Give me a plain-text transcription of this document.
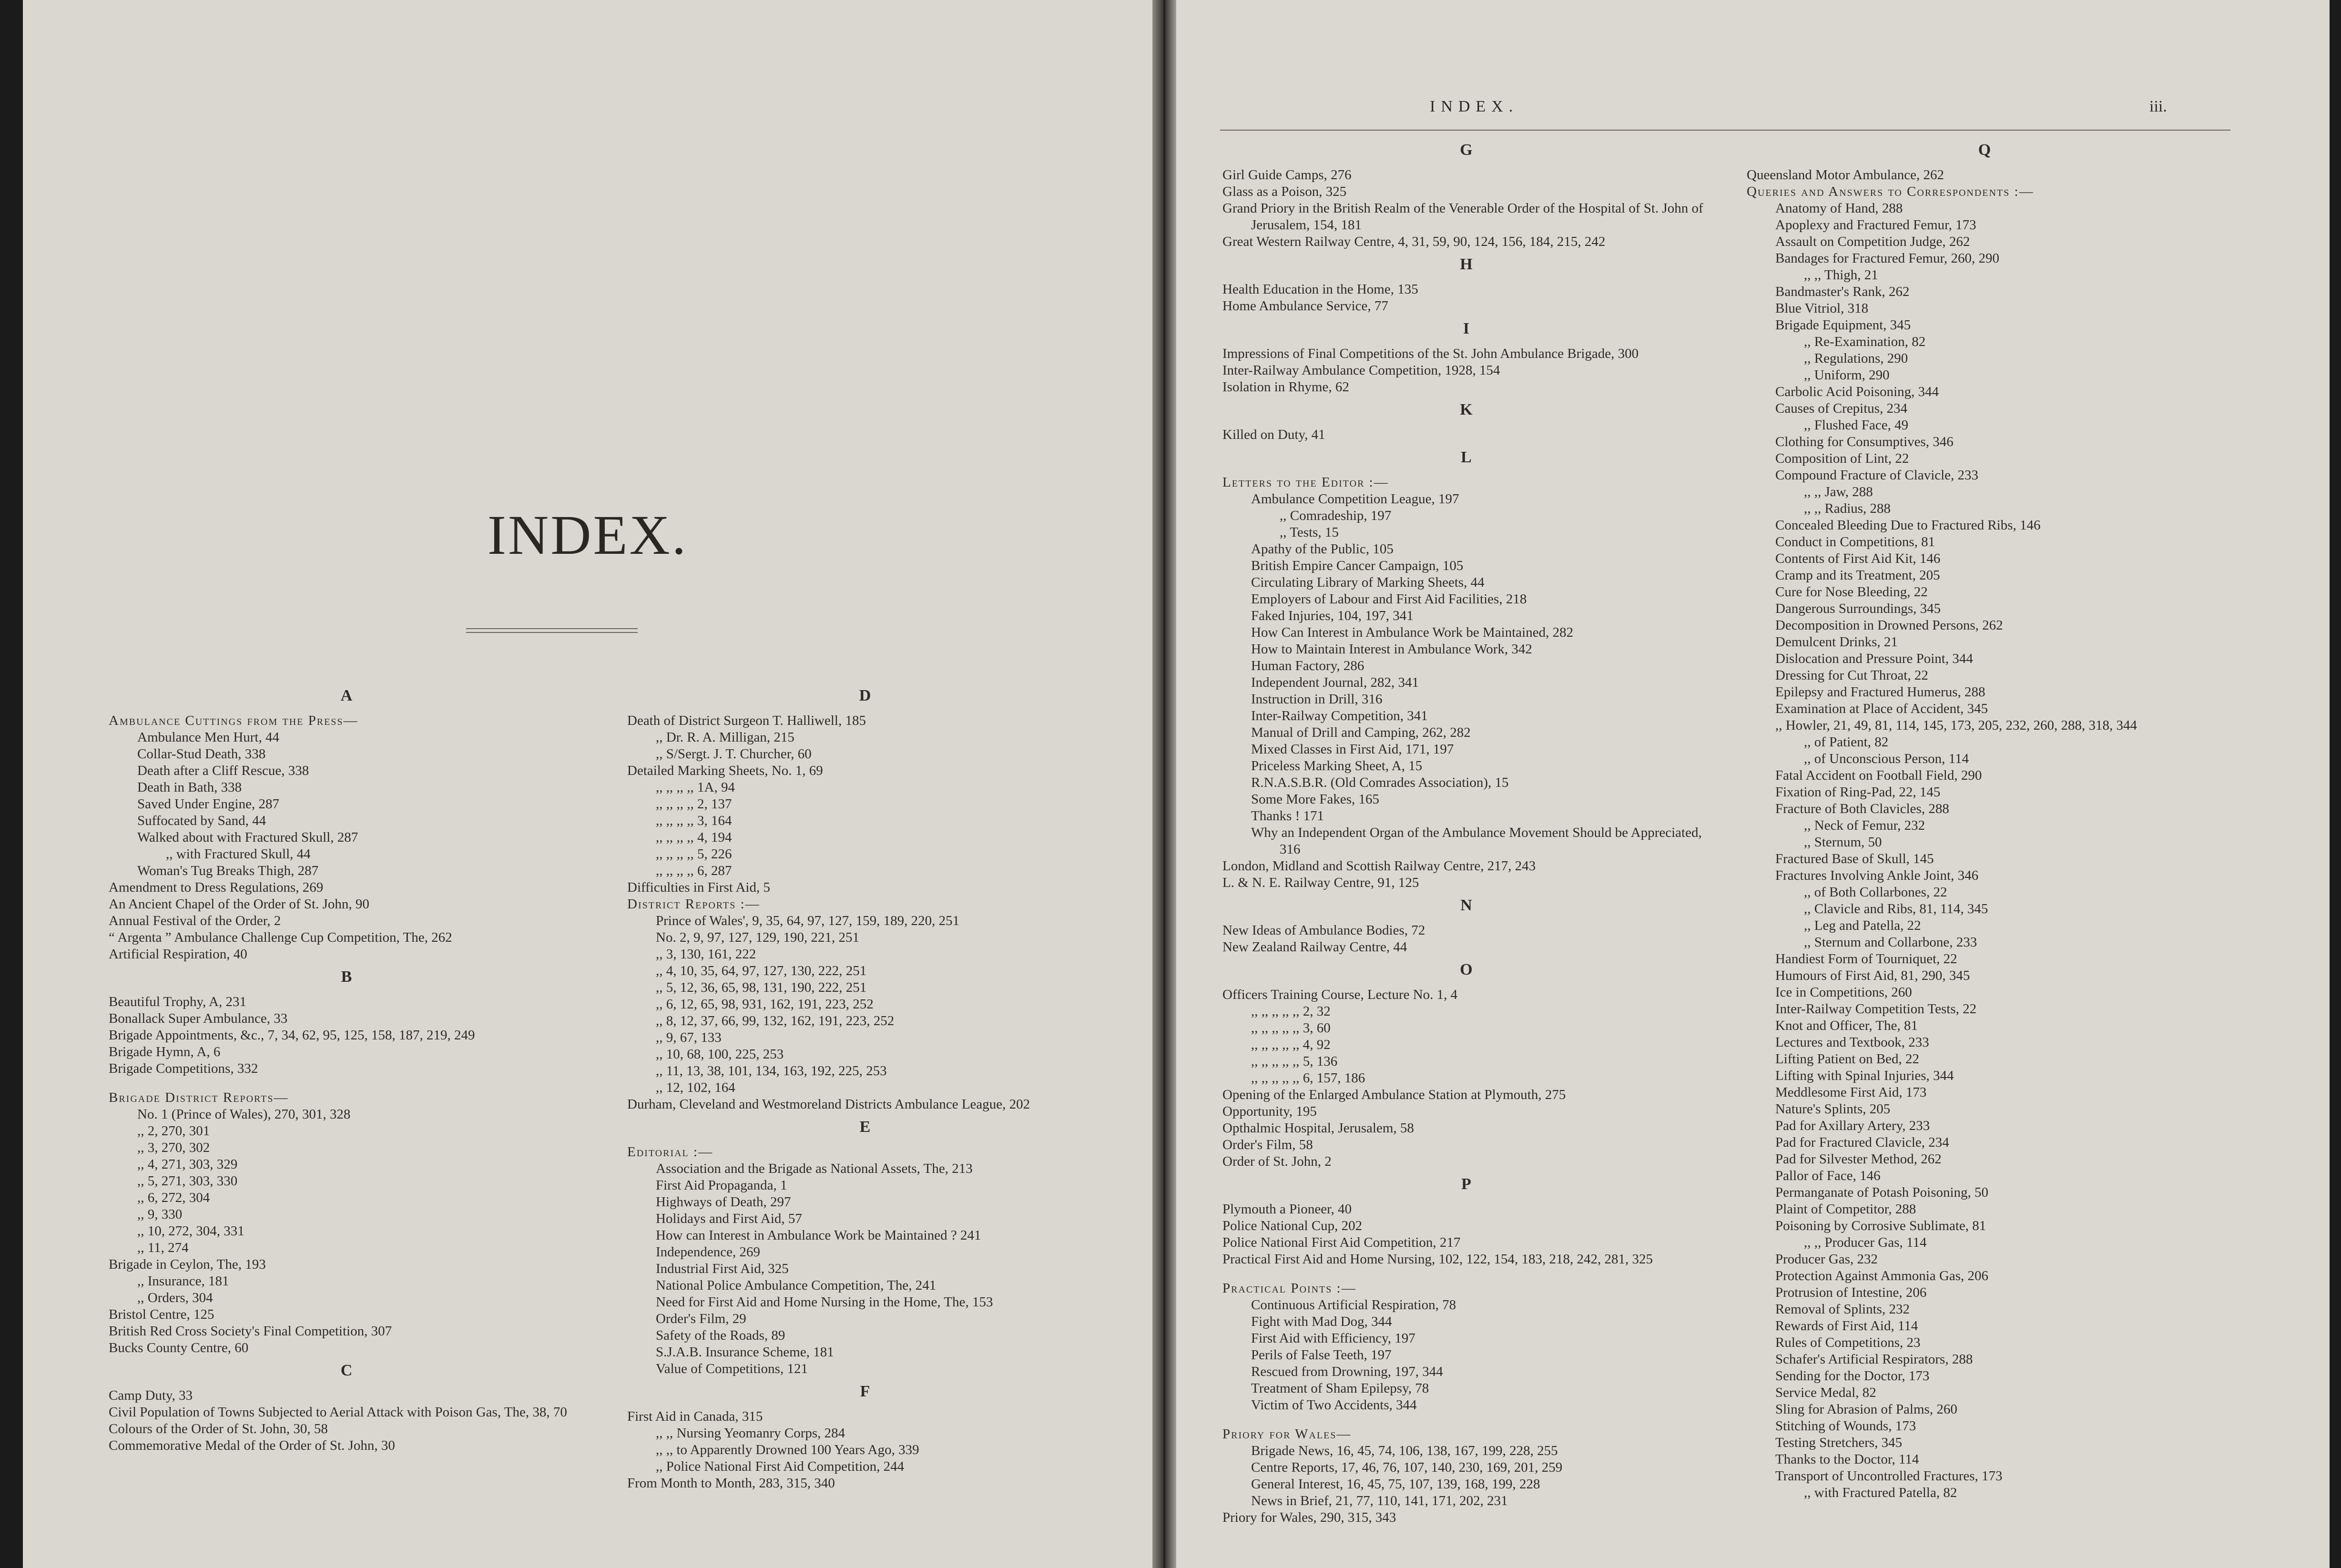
INDEX.
INDEX.	iii.
A
Ambulance Cuttings from the Press—
Ambulance Men Hurt, 44
Collar-Stud Death, 338
Death after a Cliff Rescue, 338
Death in Bath, 338
Saved Under Engine, 287
Suffocated by Sand, 44
Walked about with Fractured Skull, 287
,, with Fractured Skull, 44
Woman's Tug Breaks Thigh, 287
Amendment to Dress Regulations, 269
An Ancient Chapel of the Order of St. John, 90
Annual Festival of the Order, 2
“ Argenta ” Ambulance Challenge Cup Competition, The, 262
Artificial Respiration, 40
B
Beautiful Trophy, A, 231
Bonallack Super Ambulance, 33
Brigade Appointments, &c., 7, 34, 62, 95, 125, 158, 187, 219, 249
Brigade Hymn, A, 6
Brigade Competitions, 332
Brigade District Reports—
No. 1 (Prince of Wales), 270, 301, 328
,, 2, 270, 301
,, 3, 270, 302
,, 4, 271, 303, 329
,, 5, 271, 303, 330
,, 6, 272, 304
,, 9, 330
,, 10, 272, 304, 331
,, 11, 274
Brigade in Ceylon, The, 193
,, Insurance, 181
,, Orders, 304
Bristol Centre, 125
British Red Cross Society's Final Competition, 307
Bucks County Centre, 60
C
Camp Duty, 33
Civil Population of Towns Subjected to Aerial Attack with Poison Gas, The, 38, 70
Colours of the Order of St. John, 30, 58
Commemorative Medal of the Order of St. John, 30
D
Death of District Surgeon T. Halliwell, 185
,, Dr. R. A. Milligan, 215
,, S/Sergt. J. T. Churcher, 60
Detailed Marking Sheets, No. 1, 69
,, ,, ,, ,, 1A, 94
,, ,, ,, ,, 2, 137
,, ,, ,, ,, 3, 164
,, ,, ,, ,, 4, 194
,, ,, ,, ,, 5, 226
,, ,, ,, ,, 6, 287
Difficulties in First Aid, 5
District Reports :—
Prince of Wales', 9, 35, 64, 97, 127, 159, 189, 220, 251
No. 2, 9, 97, 127, 129, 190, 221, 251
,, 3, 130, 161, 222
,, 4, 10, 35, 64, 97, 127, 130, 222, 251
,, 5, 12, 36, 65, 98, 131, 190, 222, 251
,, 6, 12, 65, 98, 931, 162, 191, 223, 252
,, 8, 12, 37, 66, 99, 132, 162, 191, 223, 252
,, 9, 67, 133
,, 10, 68, 100, 225, 253
,, 11, 13, 38, 101, 134, 163, 192, 225, 253
,, 12, 102, 164
Durham, Cleveland and Westmoreland Districts Ambulance League, 202
E
Editorial :—
Association and the Brigade as National Assets, The, 213
First Aid Propaganda, 1
Highways of Death, 297
Holidays and First Aid, 57
How can Interest in Ambulance Work be Maintained ? 241
Independence, 269
Industrial First Aid, 325
National Police Ambulance Competition, The, 241
Need for First Aid and Home Nursing in the Home, The, 153
Order's Film, 29
Safety of the Roads, 89
S.J.A.B. Insurance Scheme, 181
Value of Competitions, 121
F
First Aid in Canada, 315
,, ,, Nursing Yeomanry Corps, 284
,, ,, to Apparently Drowned 100 Years Ago, 339
,, Police National First Aid Competition, 244
From Month to Month, 283, 315, 340
G
Girl Guide Camps, 276
Glass as a Poison, 325
Grand Priory in the British Realm of the Venerable Order of the Hospital of St. John of Jerusalem, 154, 181
Great Western Railway Centre, 4, 31, 59, 90, 124, 156, 184, 215, 242
H
Health Education in the Home, 135
Home Ambulance Service, 77
I
Impressions of Final Competitions of the St. John Ambulance Brigade, 300
Inter-Railway Ambulance Competition, 1928, 154
Isolation in Rhyme, 62
K
Killed on Duty, 41
L
Letters to the Editor :—
Ambulance Competition League, 197
,, Comradeship, 197
,, Tests, 15
Apathy of the Public, 105
British Empire Cancer Campaign, 105
Circulating Library of Marking Sheets, 44
Employers of Labour and First Aid Facilities, 218
Faked Injuries, 104, 197, 341
How Can Interest in Ambulance Work be Maintained, 282
How to Maintain Interest in Ambulance Work, 342
Human Factory, 286
Independent Journal, 282, 341
Instruction in Drill, 316
Inter-Railway Competition, 341
Manual of Drill and Camping, 262, 282
Mixed Classes in First Aid, 171, 197
Priceless Marking Sheet, A, 15
R.N.A.S.B.R. (Old Comrades Association), 15
Some More Fakes, 165
Thanks ! 171
Why an Independent Organ of the Ambulance Movement Should be Appreciated, 316
London, Midland and Scottish Railway Centre, 217, 243
L. & N. E. Railway Centre, 91, 125
N
New Ideas of Ambulance Bodies, 72
New Zealand Railway Centre, 44
O
Officers Training Course, Lecture No. 1, 4
,, ,, ,, ,, ,, 2, 32
,, ,, ,, ,, ,, 3, 60
,, ,, ,, ,, ,, 4, 92
,, ,, ,, ,, ,, 5, 136
,, ,, ,, ,, ,, 6, 157, 186
Opening of the Enlarged Ambulance Station at Plymouth, 275
Opportunity, 195
Opthalmic Hospital, Jerusalem, 58
Order's Film, 58
Order of St. John, 2
P
Plymouth a Pioneer, 40
Police National Cup, 202
Police National First Aid Competition, 217
Practical First Aid and Home Nursing, 102, 122, 154, 183, 218, 242, 281, 325
Practical Points :—
Continuous Artificial Respiration, 78
Fight with Mad Dog, 344
First Aid with Efficiency, 197
Perils of False Teeth, 197
Rescued from Drowning, 197, 344
Treatment of Sham Epilepsy, 78
Victim of Two Accidents, 344
Priory for Wales—
Brigade News, 16, 45, 74, 106, 138, 167, 199, 228, 255
Centre Reports, 17, 46, 76, 107, 140, 230, 169, 201, 259
General Interest, 16, 45, 75, 107, 139, 168, 199, 228
News in Brief, 21, 77, 110, 141, 171, 202, 231
Priory for Wales, 290, 315, 343
Q
Queensland Motor Ambulance, 262
Queries and Answers to Correspondents :—
Anatomy of Hand, 288
Apoplexy and Fractured Femur, 173
Assault on Competition Judge, 262
Bandages for Fractured Femur, 260, 290
,, ,, Thigh, 21
Bandmaster's Rank, 262
Blue Vitriol, 318
Brigade Equipment, 345
,, Re-Examination, 82
,, Regulations, 290
,, Uniform, 290
Carbolic Acid Poisoning, 344
Causes of Crepitus, 234
,, Flushed Face, 49
Clothing for Consumptives, 346
Composition of Lint, 22
Compound Fracture of Clavicle, 233
,, ,, Jaw, 288
,, ,, Radius, 288
Concealed Bleeding Due to Fractured Ribs, 146
Conduct in Competitions, 81
Contents of First Aid Kit, 146
Cramp and its Treatment, 205
Cure for Nose Bleeding, 22
Dangerous Surroundings, 345
Decomposition in Drowned Persons, 262
Demulcent Drinks, 21
Dislocation and Pressure Point, 344
Dressing for Cut Throat, 22
Epilepsy and Fractured Humerus, 288
Examination at Place of Accident, 345
,, Howler, 21, 49, 81, 114, 145, 173, 205, 232, 260, 288, 318, 344
,, of Patient, 82
,, of Unconscious Person, 114
Fatal Accident on Football Field, 290
Fixation of Ring-Pad, 22, 145
Fracture of Both Clavicles, 288
,, Neck of Femur, 232
,, Sternum, 50
Fractured Base of Skull, 145
Fractures Involving Ankle Joint, 346
,, of Both Collarbones, 22
,, Clavicle and Ribs, 81, 114, 345
,, Leg and Patella, 22
,, Sternum and Collarbone, 233
Handiest Form of Tourniquet, 22
Humours of First Aid, 81, 290, 345
Ice in Competitions, 260
Inter-Railway Competition Tests, 22
Knot and Officer, The, 81
Lectures and Textbook, 233
Lifting Patient on Bed, 22
Lifting with Spinal Injuries, 344
Meddlesome First Aid, 173
Nature's Splints, 205
Pad for Axillary Artery, 233
Pad for Fractured Clavicle, 234
Pad for Silvester Method, 262
Pallor of Face, 146
Permanganate of Potash Poisoning, 50
Plaint of Competitor, 288
Poisoning by Corrosive Sublimate, 81
,, ,, Producer Gas, 114
Producer Gas, 232
Protection Against Ammonia Gas, 206
Protrusion of Intestine, 206
Removal of Splints, 232
Rewards of First Aid, 114
Rules of Competitions, 23
Schafer's Artificial Respirators, 288
Sending for the Doctor, 173
Service Medal, 82
Sling for Abrasion of Palms, 260
Stitching of Wounds, 173
Testing Stretchers, 345
Thanks to the Doctor, 114
Transport of Uncontrolled Fractures, 173
,, with Fractured Patella, 82
